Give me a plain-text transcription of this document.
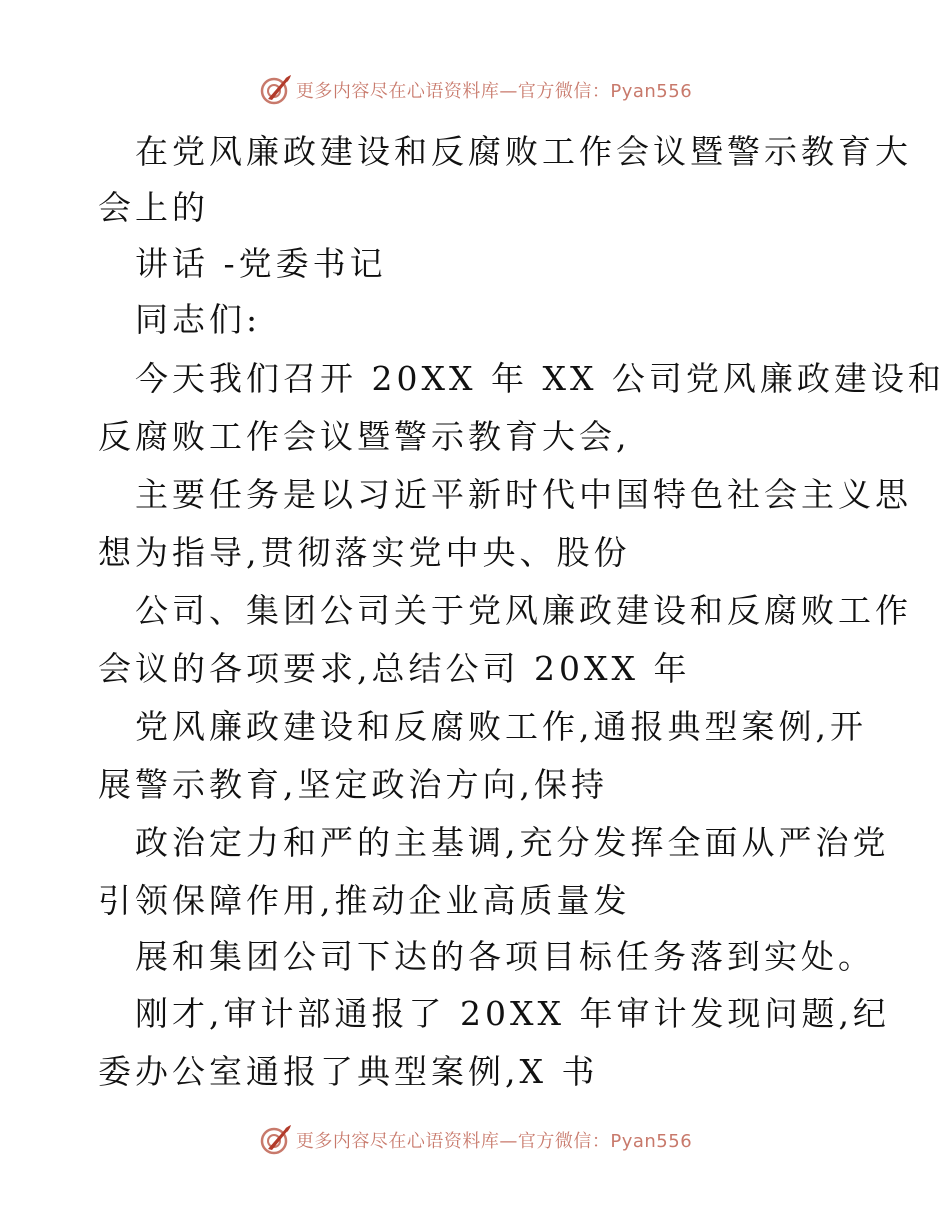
更多内容尽在心语资料库—官方微信：Pyan556
在党风廉政建设和反腐败工作会议暨警示教育大
会上的
讲话 -党委书记
同志们:
今天我们召开 20XX 年 XX 公司党风廉政建设和
反腐败工作会议暨警示教育大会,
主要任务是以习近平新时代中国特色社会主义思
想为指导,贯彻落实党中央、股份
公司、集团公司关于党风廉政建设和反腐败工作
会议的各项要求,总结公司 20XX 年
党风廉政建设和反腐败工作,通报典型案例,开
展警示教育,坚定政治方向,保持
政治定力和严的主基调,充分发挥全面从严治党
引领保障作用,推动企业高质量发
展和集团公司下达的各项目标任务落到实处。
刚才,审计部通报了 20XX 年审计发现问题,纪
委办公室通报了典型案例,X 书
更多内容尽在心语资料库—官方微信：Pyan556
